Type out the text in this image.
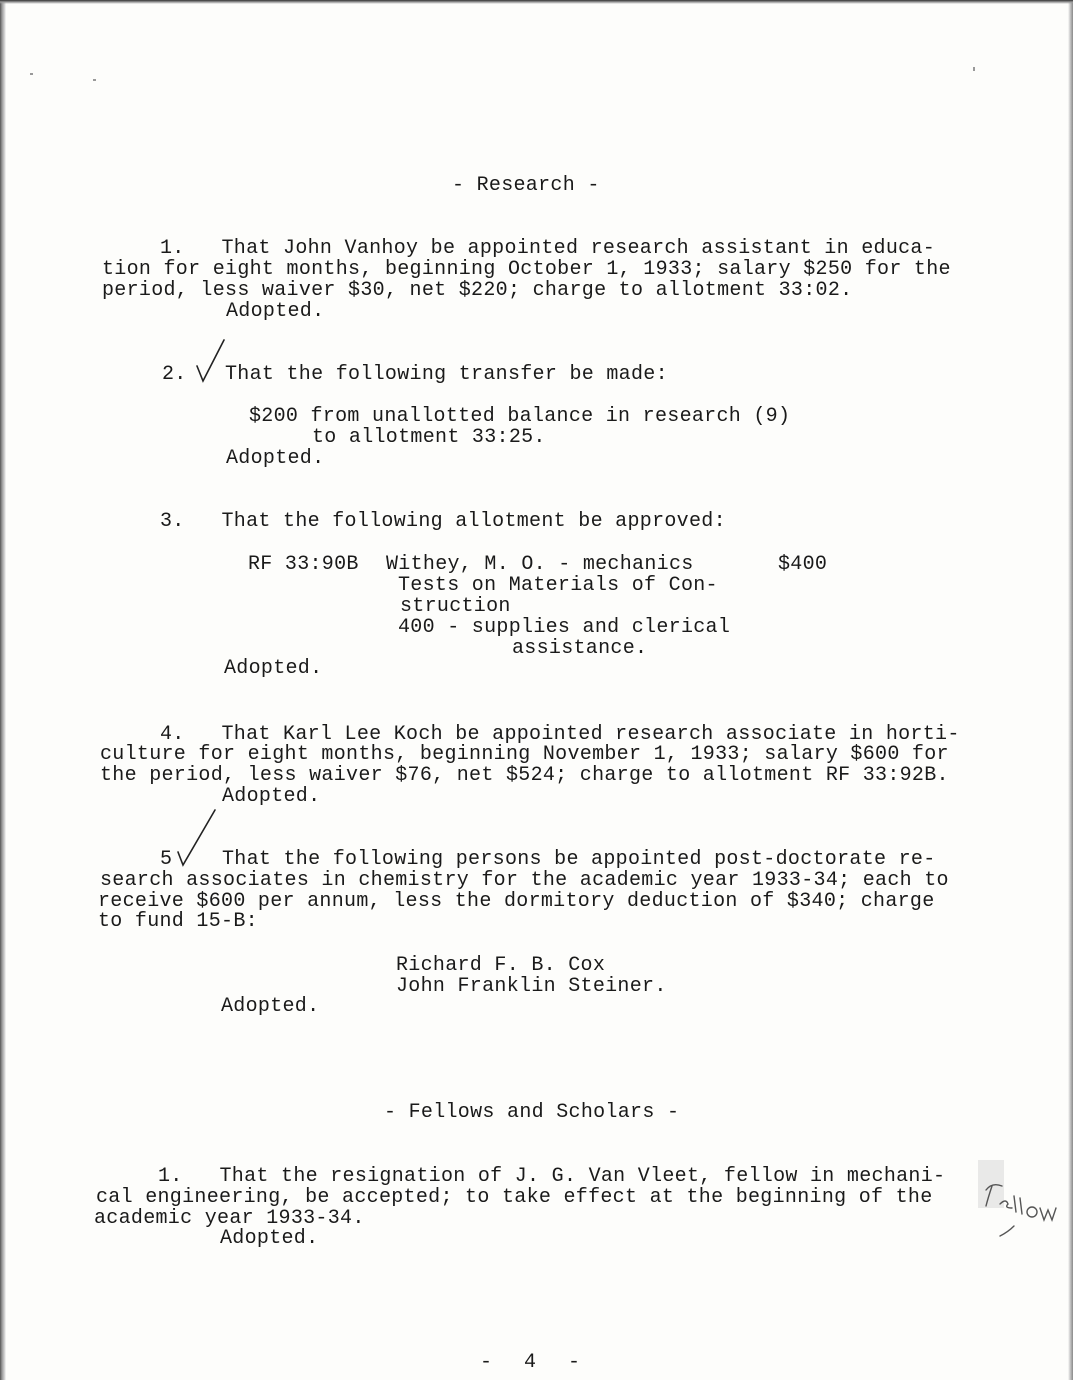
- Research -
1.   That John Vanhoy be appointed research assistant in educa-
tion for eight months, beginning October 1, 1933; salary $250 for the
period, less waiver $30, net $220; charge to allotment 33:02.
Adopted.
2. That the following transfer be made:
$200 from unallotted balance in research (9)
to allotment 33:25.
Adopted.
3.   That the following allotment be approved:
RF 33:90B Withey, M. O. - mechanics	$400
Tests on Materials of Con-
struction
400 - supplies and clerical
assistance.
Adopted.
4.   That Karl Lee Koch be appointed research associate in horti-
culture for eight months, beginning November 1, 1933; salary $600 for
the period, less waiver $76, net $524; charge to allotment RF 33:92B.
Adopted.
5 That the following persons be appointed post-doctorate re-
search associates in chemistry for the academic year 1933-34; each to
receive $600 per annum, less the dormitory deduction of $340; charge
to fund 15-B:
Richard F. B. Cox
John Franklin Steiner.
Adopted.
- Fellows and Scholars -
1.   That the resignation of J. G. Van Vleet, fellow in mechani-
cal engineering, be accepted; to take effect at the beginning of the
academic year 1933-34.
Adopted.
- 4 -
